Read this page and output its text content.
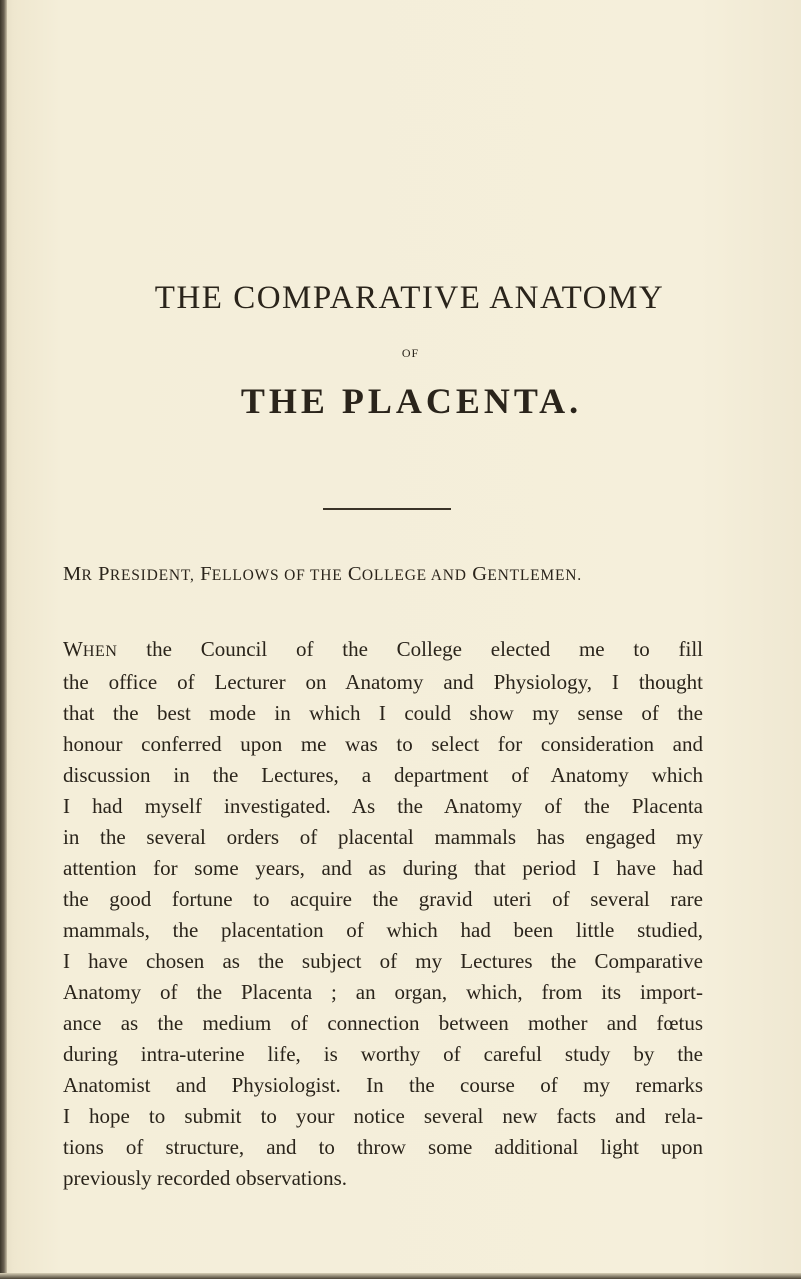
THE COMPARATIVE ANATOMY
OF
THE PLACENTA.

MR PRESIDENT, FELLOWS OF THE COLLEGE AND GENTLEMEN.

WHEN the Council of the College elected me to fill
the office of Lecturer on Anatomy and Physiology, I thought
that the best mode in which I could show my sense of the
honour conferred upon me was to select for consideration and
discussion in the Lectures, a department of Anatomy which
I had myself investigated. As the Anatomy of the Placenta
in the several orders of placental mammals has engaged my
attention for some years, and as during that period I have had
the good fortune to acquire the gravid uteri of several rare
mammals, the placentation of which had been little studied,
I have chosen as the subject of my Lectures the Comparative
Anatomy of the Placenta ; an organ, which, from its import-
ance as the medium of connection between mother and fœtus
during intra-uterine life, is worthy of careful study by the
Anatomist and Physiologist. In the course of my remarks
I hope to submit to your notice several new facts and rela-
tions of structure, and to throw some additional light upon
previously recorded observations.
